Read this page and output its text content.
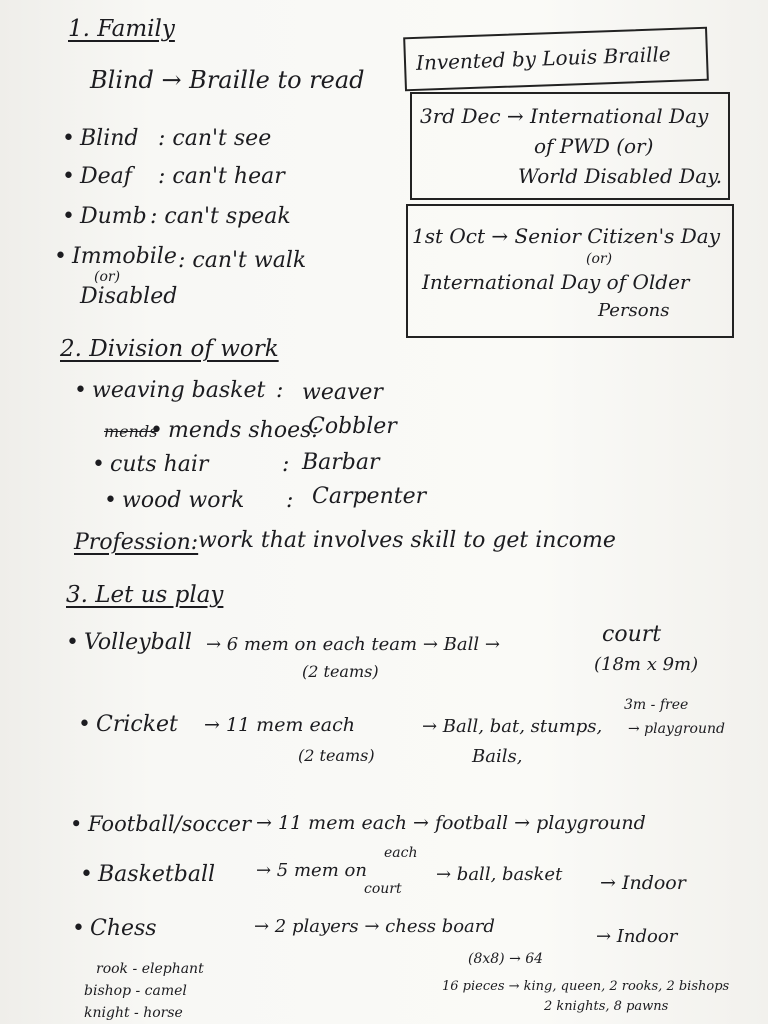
1. Family
Blind → Braille to read
• Blind : can't see
• Deaf : can't hear
• Dumb : can't speak
• Immobile : can't walk
(or)
Disabled
Invented by Louis Braille
3rd Dec → International Day
of PWD (or)
World Disabled Day.
1st Oct → Senior Citizen's Day
(or)
International Day of Older
Persons
2. Division of work
• weaving basket : weaver
mends
• mends shoes:
Cobbler
• cuts hair	: Barbar
• wood work : Carpenter
Profession: work that involves skill to get income
3. Let us play
• Volleyball → 6 mem on each team → Ball →	court
(18m x 9m)
(2 teams)
• Cricket → 11 mem each
(2 teams)
→ Ball, bat, stumps,
Bails,
3m - free
→ playground
• Football/soccer → 11 mem each → football → playground
• Basketball → 5 mem on
each
court
→ ball, basket → Indoor
• Chess	→ 2 players → chess board	→ Indoor
(8x8) → 64
16 pieces → king, queen, 2 rooks, 2 bishops
2 knights, 8 pawns
rook - elephant
bishop - camel
knight - horse
